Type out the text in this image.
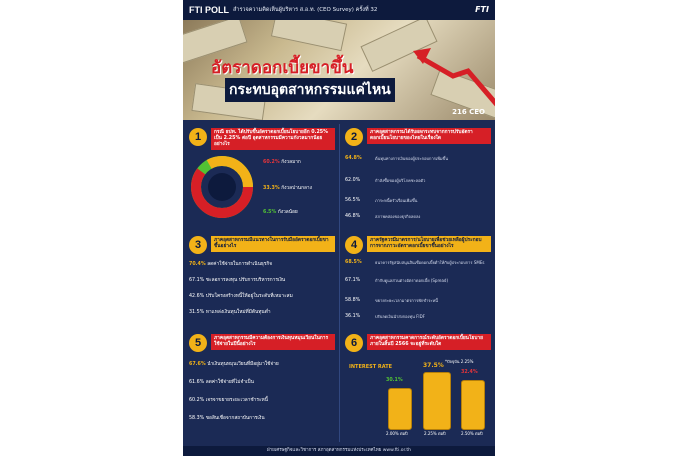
FTI POLL สำรวจความคิดเห็นผู้บริหาร ส.อ.ท. (CEO Survey) ครั้งที่ 32	FTI
อัตราดอกเบี้ยขาขึ้น
กระทบอุตสาหกรรมแค่ไหน
216 CEO
1	กรณี ธปท. ได้ปรับขึ้นอัตราดอกเบี้ยนโยบายอีก 0.25% เป็น 2.25% ต่อปี อุตสาหกรรมมีความกังวลมากน้อยอย่างไร
60.2% กังวลมาก
33.3% กังวลปานกลาง
6.5% กังวลน้อย
2	ภาคอุตสาหกรรมได้รับผลกระทบจากการปรับอัตราดอกเบี้ยนโยบายของไทยในเรื่องใด
64.8%	ต้นทุนทางการเงินของผู้ประกอบการเพิ่มขึ้น
62.0%	กำลังซื้อของผู้บริโภคชะลอตัว
56.5%	ภาระหนี้ครัวเรือนเพิ่มขึ้น
46.8%	สภาพคล่องของธุรกิจลดลง
3	ภาคอุตสาหกรรมมีแนวทางในการรับมืออัตราดอกเบี้ยขาขึ้นอย่างไร
70.4% ลดค่าใช้จ่ายในการดำเนินธุรกิจ
67.1% ชะลอการลงทุน ปรับการบริหารการเงิน
42.6% ปรับโครงสร้างหนี้ให้อยู่ในระดับที่เหมาะสม
31.5% หาแหล่งเงินทุนใหม่ที่มีต้นทุนต่ำ
4	ภาครัฐควรมีมาตรการ/นโยบายเพื่อช่วยเหลือผู้ประกอบการจากภาวะอัตราดอกเบี้ยขาขึ้นอย่างไร
68.5%	ธนาคารรัฐสนับสนุนสินเชื่อดอกเบี้ยต่ำให้กับผู้ประกอบการ SMEs
67.1%	กำกับดูแลส่วนต่างอัตราดอกเบี้ย (Spread)
58.8%	ขยายระยะเวลามาตรการพักชำระหนี้
36.1%	ปรับลดเงินนำส่งกองทุน FIDF
5	ภาคอุตสาหกรรมมีความต้องการเงินทุนหมุนเวียนในการใช้จ่ายในปีนี้อย่างไร
67.6% นำเงินทุนหมุนเวียนที่มีอยู่มาใช้จ่าย
61.6% ลดค่าใช้จ่ายที่ไม่จำเป็น
60.2% เจรจาขยายระยะเวลาชำระหนี้
58.3% ขอสินเชื่อจากสถาบันการเงิน
6	ภาคอุตสาหกรรมคาดการณ์ระดับอัตราดอกเบี้ยนโยบาย ภายในสิ้นปี 2566 จะอยู่ที่ระดับใด
*ปัจจุบัน 2.25%
INTEREST RATE
30.1%
37.5%
32.4%
2.00% ต่อปี	2.25% ต่อปี	2.50% ต่อปี
ฝ่ายเศรษฐกิจและวิชาการ สภาอุตสาหกรรมแห่งประเทศไทย www.fti.or.th
